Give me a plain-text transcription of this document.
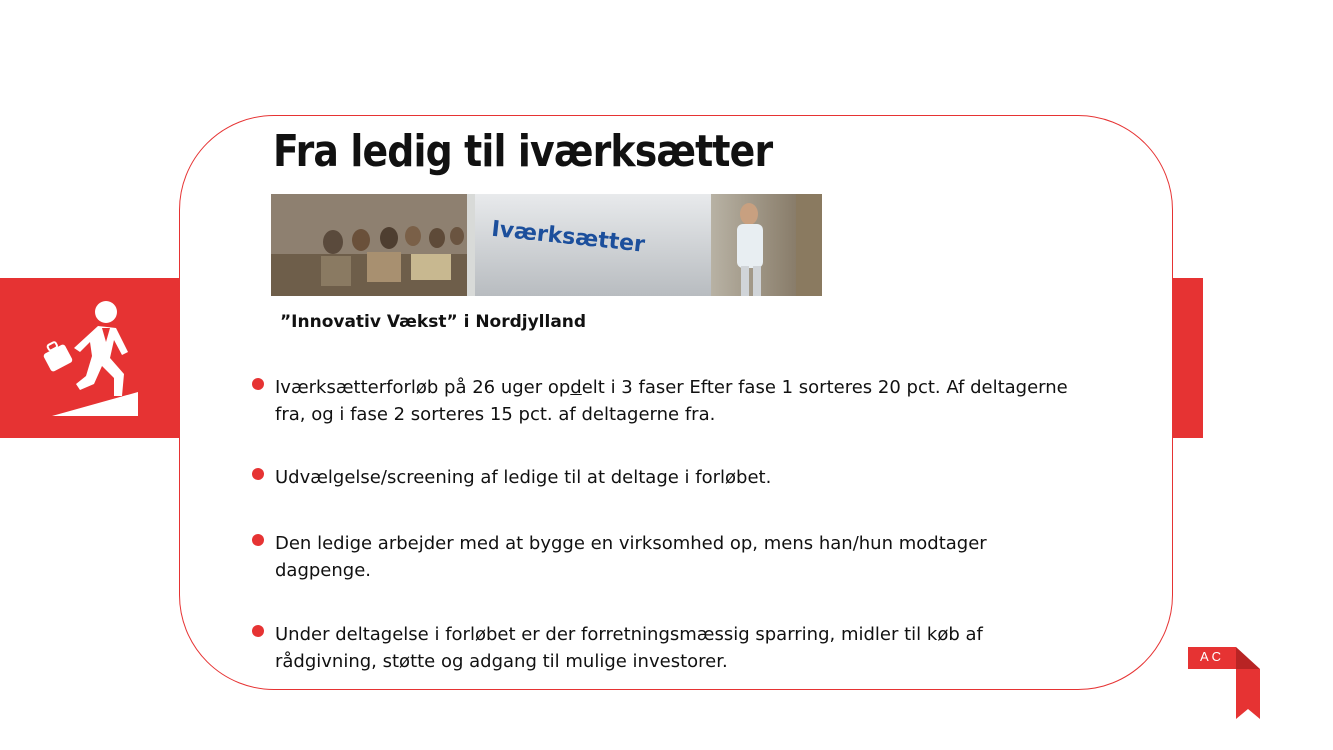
Fra ledig til iværksætter
Iværksætter

”Innovativ Vækst” i Nordjylland

Iværksætterforløb på 26 uger opdelt i 3 faser Efter fase 1 sorteres 20 pct. Af deltagerne fra, og i fase 2 sorteres 15 pct. af deltagerne fra.
Udvælgelse/screening af ledige til at deltage i forløbet.
Den ledige arbejder med at bygge en virksomhed op, mens han/hun modtager dagpenge.
Under deltagelse i forløbet er der forretningsmæssig sparring, midler til køb af rådgivning, støtte og adgang til mulige investorer.	AC
